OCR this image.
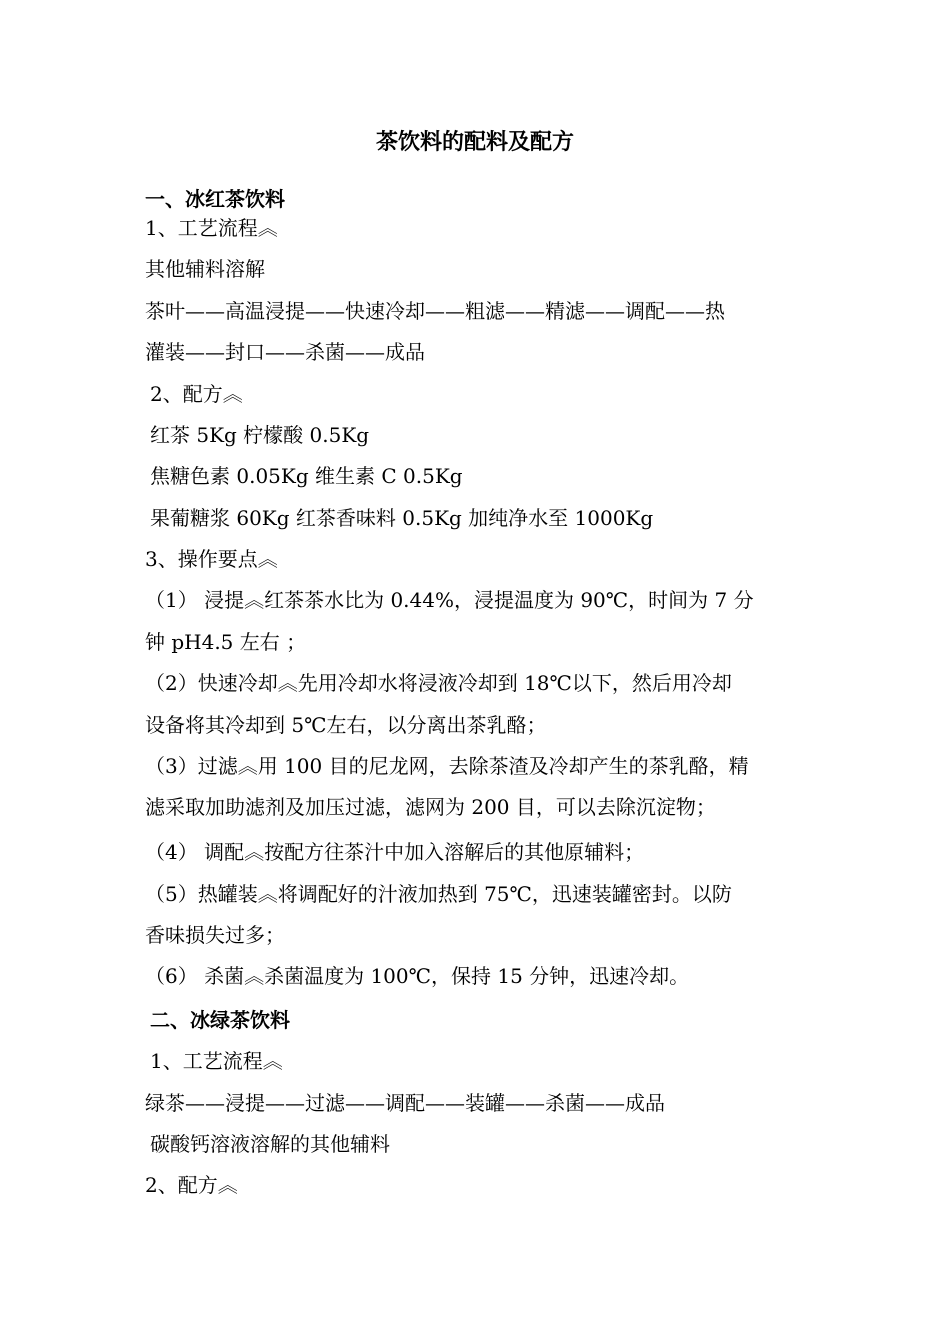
茶饮料的配料及配方
一、冰红茶饮料
1、工艺流程︽
其他辅料溶解
茶叶——高温浸提——快速冷却——粗滤——精滤——调配——热
灌装——封口——杀菌——成品
2、配方︽
红茶 5Kg 柠檬酸 0.5Kg
焦糖色素 0.05Kg 维生素 C 0.5Kg
果葡糖浆 60Kg 红茶香味料 0.5Kg 加纯净水至 1000Kg
3、操作要点︽
（1） 浸提︽红茶茶水比为 0.44%，浸提温度为 90℃，时间为 7 分
钟 pH4.5 左右 ；
（2）快速冷却︽先用冷却水将浸液冷却到 18℃以下，然后用冷却
设备将其冷却到 5℃左右，以分离出茶乳酪；
（3）过滤︽用 100 目的尼龙网，去除茶渣及冷却产生的茶乳酪，精
滤采取加助滤剂及加压过滤，滤网为 200 目，可以去除沉淀物；
（4） 调配︽按配方往茶汁中加入溶解后的其他原辅料；
（5）热罐装︽将调配好的汁液加热到 75℃，迅速装罐密封。以防
香味损失过多；
（6） 杀菌︽杀菌温度为 100℃，保持 15 分钟，迅速冷却。
二、冰绿茶饮料
1、工艺流程︽
绿茶——浸提——过滤——调配——装罐——杀菌——成品
碳酸钙溶液溶解的其他辅料
2、配方︽
